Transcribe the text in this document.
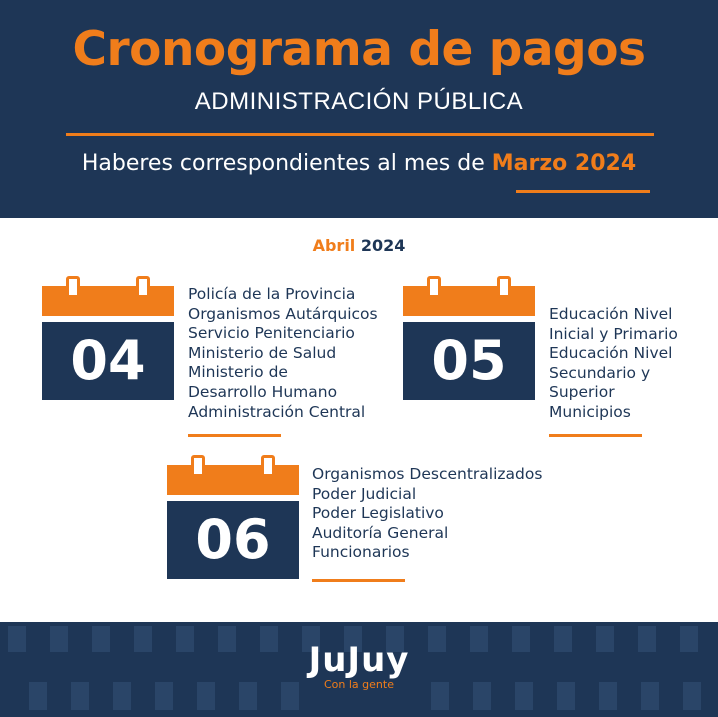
Cronograma de pagos
ADMINISTRACIÓN PÚBLICA
Haberes correspondientes al mes de Marzo 2024
Abril 2024
04
Policía de la Provincia
Organismos Autárquicos
Servicio Penitenciario
Ministerio de Salud
Ministerio de
Desarrollo Humano
Administración Central
05
Educación Nivel
Inicial y Primario
Educación Nivel
Secundario y
Superior
Municipios
06
Organismos Descentralizados
Poder Judicial
Poder Legislativo
Auditoría General
Funcionarios
JuJuy
Con la gente
